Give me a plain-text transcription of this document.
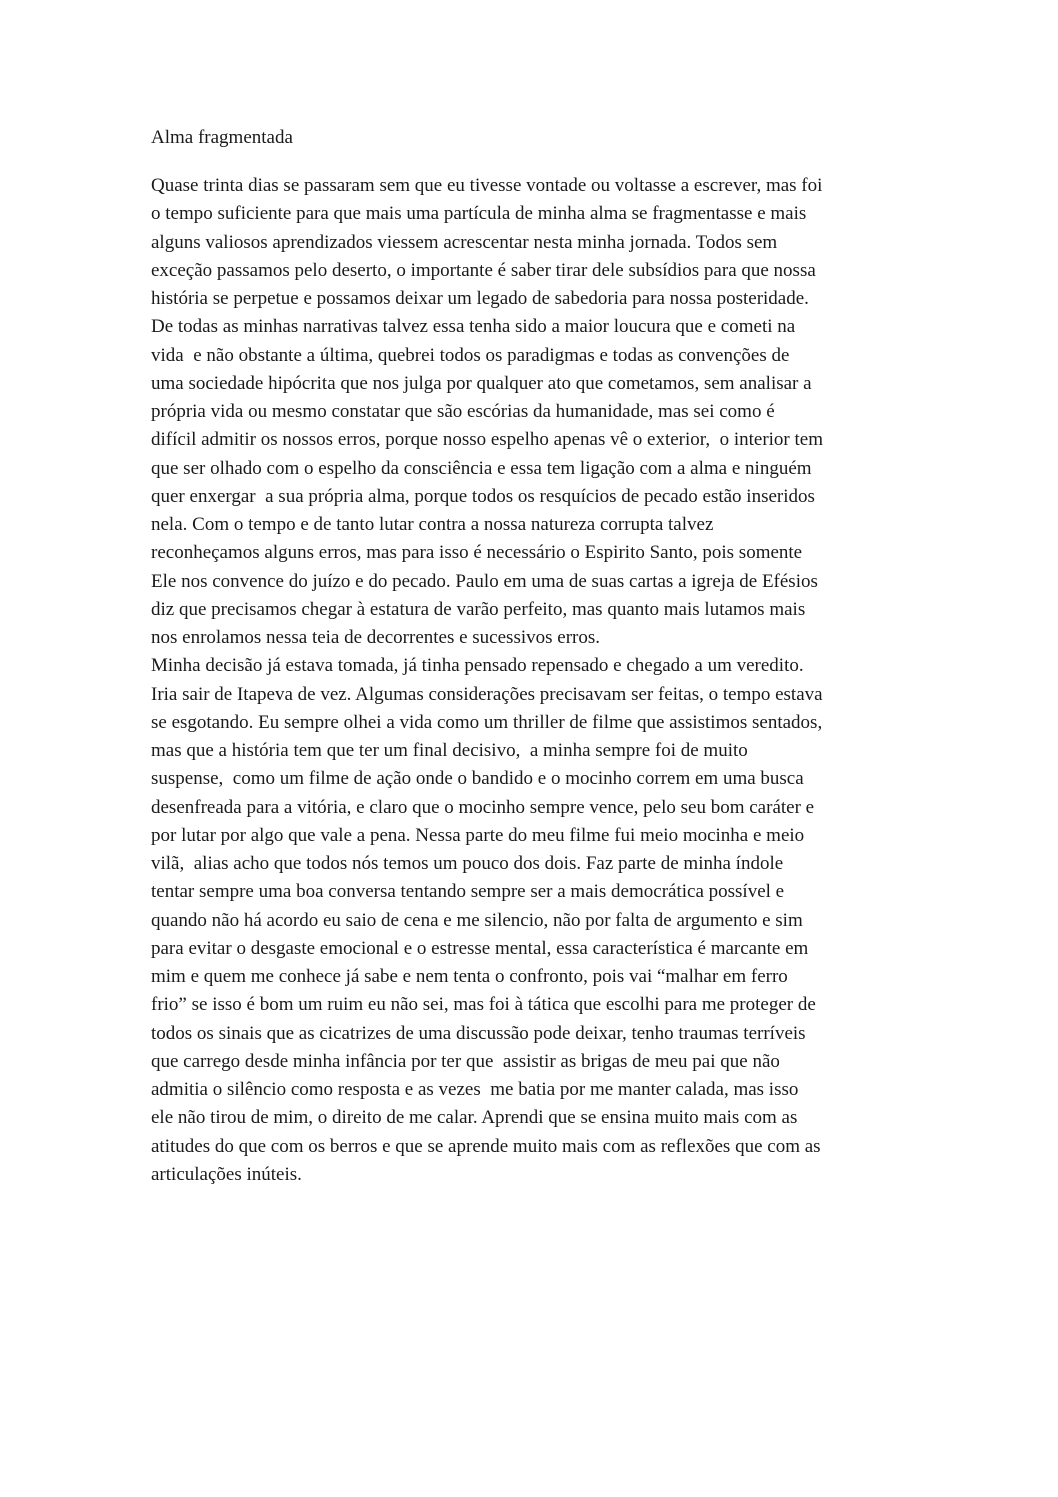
Alma fragmentada
Quase trinta dias se passaram sem que eu tivesse vontade ou voltasse a escrever, mas foi
o tempo suficiente para que mais uma partícula de minha alma se fragmentasse e mais
alguns valiosos aprendizados viessem acrescentar nesta minha jornada. Todos sem
exceção passamos pelo deserto, o importante é saber tirar dele subsídios para que nossa
história se perpetue e possamos deixar um legado de sabedoria para nossa posteridade.
De todas as minhas narrativas talvez essa tenha sido a maior loucura que e cometi na
vida  e não obstante a última, quebrei todos os paradigmas e todas as convenções de
uma sociedade hipócrita que nos julga por qualquer ato que cometamos, sem analisar a
própria vida ou mesmo constatar que são escórias da humanidade, mas sei como é
difícil admitir os nossos erros, porque nosso espelho apenas vê o exterior,  o interior tem
que ser olhado com o espelho da consciência e essa tem ligação com a alma e ninguém
quer enxergar  a sua própria alma, porque todos os resquícios de pecado estão inseridos
nela. Com o tempo e de tanto lutar contra a nossa natureza corrupta talvez
reconheçamos alguns erros, mas para isso é necessário o Espirito Santo, pois somente
Ele nos convence do juízo e do pecado. Paulo em uma de suas cartas a igreja de Efésios
diz que precisamos chegar à estatura de varão perfeito, mas quanto mais lutamos mais
nos enrolamos nessa teia de decorrentes e sucessivos erros.
Minha decisão já estava tomada, já tinha pensado repensado e chegado a um veredito.
Iria sair de Itapeva de vez. Algumas considerações precisavam ser feitas, o tempo estava
se esgotando. Eu sempre olhei a vida como um thriller de filme que assistimos sentados,
mas que a história tem que ter um final decisivo,  a minha sempre foi de muito
suspense,  como um filme de ação onde o bandido e o mocinho correm em uma busca
desenfreada para a vitória, e claro que o mocinho sempre vence, pelo seu bom caráter e
por lutar por algo que vale a pena. Nessa parte do meu filme fui meio mocinha e meio
vilã,  alias acho que todos nós temos um pouco dos dois. Faz parte de minha índole
tentar sempre uma boa conversa tentando sempre ser a mais democrática possível e
quando não há acordo eu saio de cena e me silencio, não por falta de argumento e sim
para evitar o desgaste emocional e o estresse mental, essa característica é marcante em
mim e quem me conhece já sabe e nem tenta o confronto, pois vai “malhar em ferro
frio” se isso é bom um ruim eu não sei, mas foi à tática que escolhi para me proteger de
todos os sinais que as cicatrizes de uma discussão pode deixar, tenho traumas terríveis
que carrego desde minha infância por ter que  assistir as brigas de meu pai que não
admitia o silêncio como resposta e as vezes  me batia por me manter calada, mas isso
ele não tirou de mim, o direito de me calar. Aprendi que se ensina muito mais com as
atitudes do que com os berros e que se aprende muito mais com as reflexões que com as
articulações inúteis.
